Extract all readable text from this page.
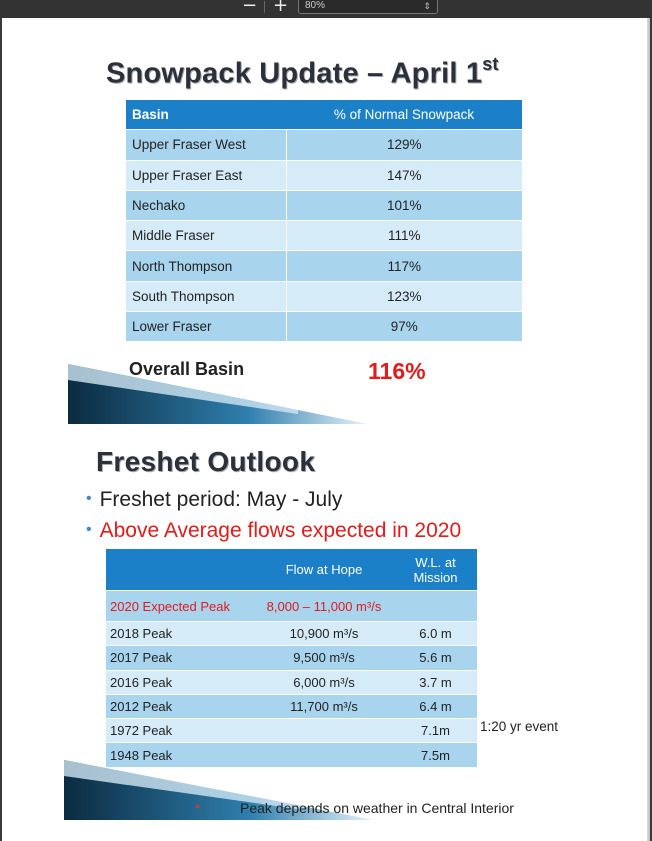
− +	80%	⇕
Snowpack Update – April 1st
Basin	% of Normal Snowpack
Upper Fraser West	129%
Upper Fraser East	147%
Nechako	101%
Middle Fraser	111%
North Thompson	117%
South Thompson	123%
Lower Fraser	97%
Overall Basin	116%
Freshet Outlook
• Freshet period: May - July
• Above Average flows expected in 2020
	Flow at Hope	W.L. at Mission
2020 Expected Peak	8,000 – 11,000 m³/s	
2018 Peak	10,900 m³/s	6.0 m
2017 Peak	9,500 m³/s	5.6 m
2016 Peak	6,000 m³/s	3.7 m
2012 Peak	11,700 m³/s	6.4 m
1972 Peak		7.1m
1948 Peak		7.5m
1:20 yr event
Peak depends on weather in Central Interior
